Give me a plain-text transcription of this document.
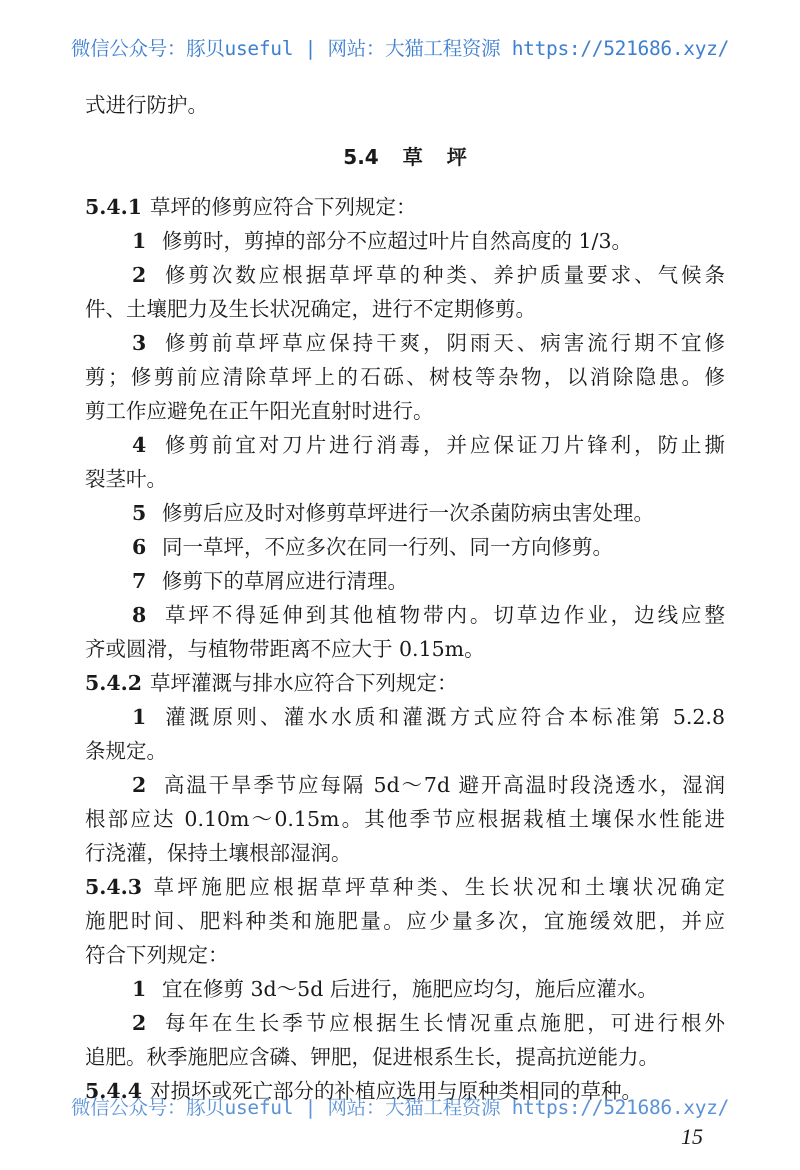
微信公众号：豚贝useful | 网站：大猫工程资源 https://521686.xyz/
式进行防护。
5.4 草 坪
5.4.1 草坪的修剪应符合下列规定：
1 修剪时，剪掉的部分不应超过叶片自然高度的 1/3。
2 修剪次数应根据草坪草的种类、养护质量要求、气候条
件、土壤肥力及生长状况确定，进行不定期修剪。
3 修剪前草坪草应保持干爽，阴雨天、病害流行期不宜修
剪；修剪前应清除草坪上的石砾、树枝等杂物，以消除隐患。修
剪工作应避免在正午阳光直射时进行。
4 修剪前宜对刀片进行消毒，并应保证刀片锋利，防止撕
裂茎叶。
5 修剪后应及时对修剪草坪进行一次杀菌防病虫害处理。
6 同一草坪，不应多次在同一行列、同一方向修剪。
7 修剪下的草屑应进行清理。
8 草坪不得延伸到其他植物带内。切草边作业，边线应整
齐或圆滑，与植物带距离不应大于 0.15m。
5.4.2 草坪灌溉与排水应符合下列规定：
1 灌溉原则、灌水水质和灌溉方式应符合本标准第 5.2.8
条规定。
2 高温干旱季节应每隔 5d～7d 避开高温时段浇透水，湿润
根部应达 0.10m～0.15m。其他季节应根据栽植土壤保水性能进
行浇灌，保持土壤根部湿润。
5.4.3 草坪施肥应根据草坪草种类、生长状况和土壤状况确定
施肥时间、肥料种类和施肥量。应少量多次，宜施缓效肥，并应
符合下列规定：
1 宜在修剪 3d～5d 后进行，施肥应均匀，施后应灌水。
2 每年在生长季节应根据生长情况重点施肥，可进行根外
追肥。秋季施肥应含磷、钾肥，促进根系生长，提高抗逆能力。
5.4.4 对损坏或死亡部分的补植应选用与原种类相同的草种。
微信公众号：豚贝useful | 网站：大猫工程资源 https://521686.xyz/
15
